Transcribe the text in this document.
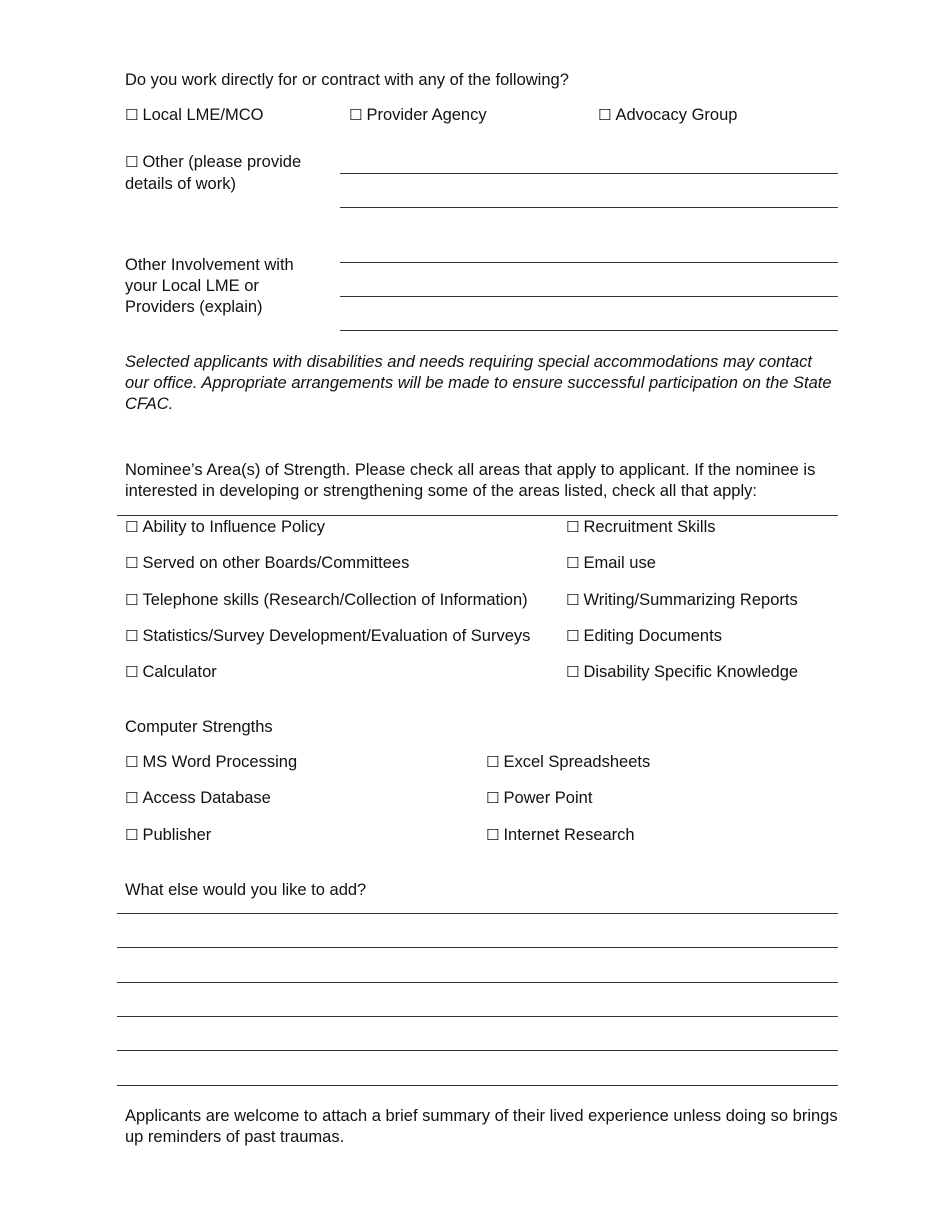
Do you work directly for or contract with any of the following?
☐ Local LME/MCO	☐ Provider Agency	☐ Advocacy Group
☐ Other (please provide
details of work)
Other Involvement with
your Local LME or
Providers (explain)
Selected applicants with disabilities and needs requiring special accommodations may contact our office. Appropriate arrangements will be made to ensure successful participation on the State CFAC.
Nominee’s Area(s) of Strength. Please check all areas that apply to applicant. If the nominee is interested in developing or strengthening some of the areas listed, check all that apply:
☐ Ability to Influence Policy
☐ Served on other Boards/Committees
☐ Telephone skills (Research/Collection of Information)
☐ Statistics/Survey Development/Evaluation of Surveys
☐ Calculator
☐ Recruitment Skills
☐ Email use
☐ Writing/Summarizing Reports
☐ Editing Documents
☐ Disability Specific Knowledge
Computer Strengths
☐ MS Word Processing
☐ Access Database
☐ Publisher
☐ Excel Spreadsheets
☐ Power Point
☐ Internet Research
What else would you like to add?
Applicants are welcome to attach a brief summary of their lived experience unless doing so brings up reminders of past traumas.
